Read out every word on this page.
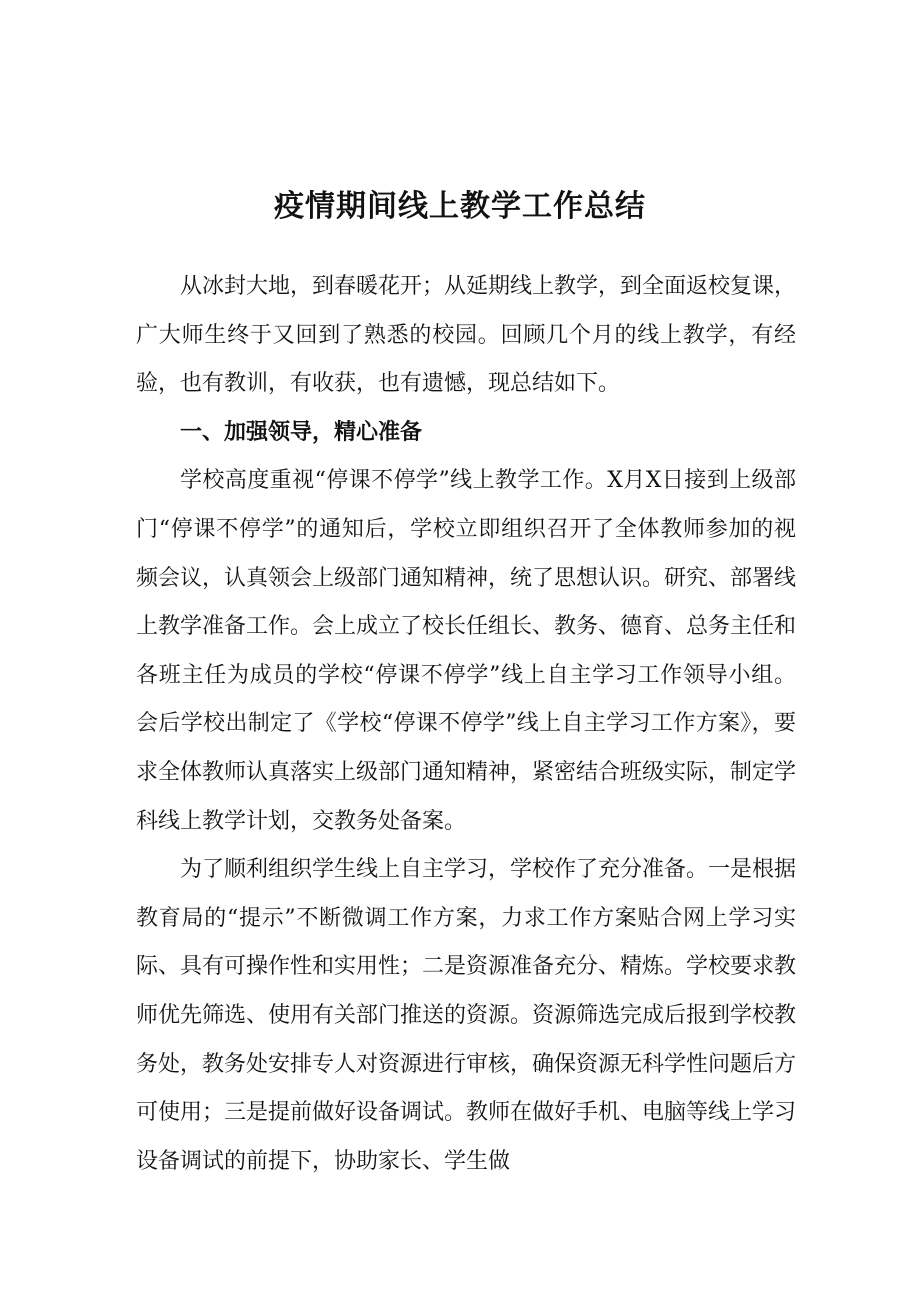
疫情期间线上教学工作总结

从冰封大地，到春暖花开；从延期线上教学，到全面返校复课，广大师生终于又回到了熟悉的校园。回顾几个月的线上教学，有经验，也有教训，有收获，也有遗憾，现总结如下。

一、加强领导，精心准备

学校高度重视“停课不停学”线上教学工作。X月X日接到上级部门“停课不停学”的通知后，学校立即组织召开了全体教师参加的视频会议，认真领会上级部门通知精神，统了思想认识。研究、部署线上教学准备工作。会上成立了校长任组长、教务、德育、总务主任和各班主任为成员的学校“停课不停学”线上自主学习工作领导小组。会后学校出制定了《学校“停课不停学”线上自主学习工作方案》，要求全体教师认真落实上级部门通知精神，紧密结合班级实际，制定学科线上教学计划，交教务处备案。

为了顺利组织学生线上自主学习，学校作了充分准备。一是根据教育局的“提示”不断微调工作方案，力求工作方案贴合网上学习实际、具有可操作性和实用性；二是资源准备充分、精炼。学校要求教师优先筛选、使用有关部门推送的资源。资源筛选完成后报到学校教务处，教务处安排专人对资源进行审核，确保资源无科学性问题后方可使用；三是提前做好设备调试。教师在做好手机、电脑等线上学习设备调试的前提下，协助家长、学生做
